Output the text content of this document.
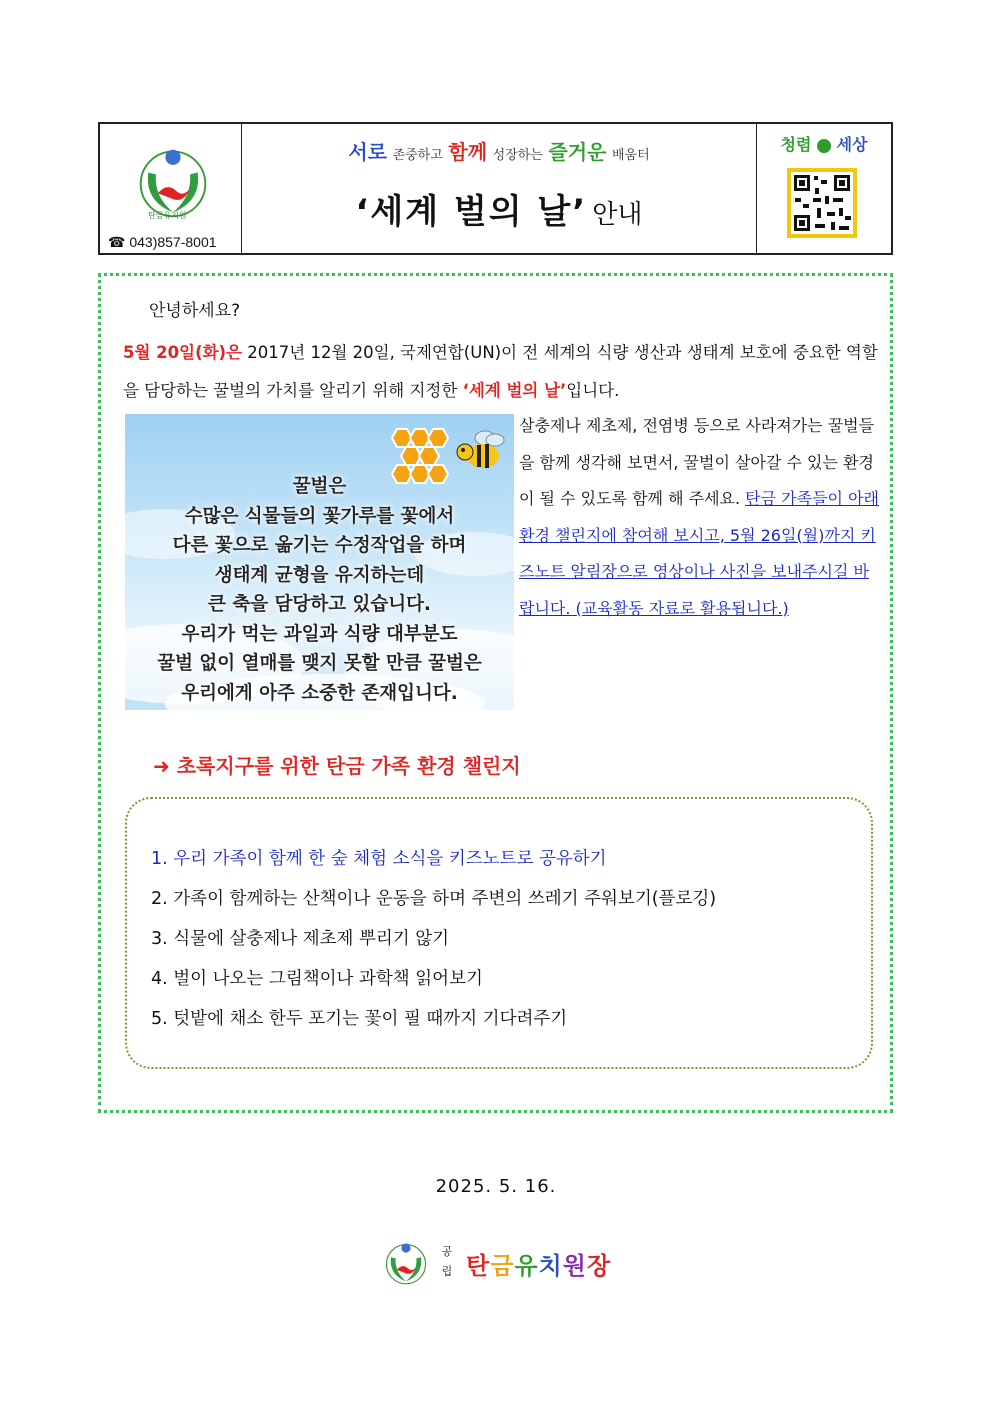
탄금유치원
☎ 043)857-8001
서로 존중하고 함께 성장하는 즐거운 배움터
‘세계 벌의 날’ 안내
청렴 세상
안녕하세요?
5월 20일(화)은 2017년 12월 20일, 국제연합(UN)이 전 세계의 식량 생산과 생태계 보호에 중요한 역할을 담당하는 꿀벌의 가치를 알리기 위해 지정한 ‘세계 벌의 날’입니다.
꿀벌은
수많은 식물들의 꽃가루를 꽃에서
다른 꽃으로 옮기는 수정작업을 하며
생태계 균형을 유지하는데
큰 축을 담당하고 있습니다.
우리가 먹는 과일과 식량 대부분도
꿀벌 없이 열매를 맺지 못할 만큼 꿀벌은
우리에게 아주 소중한 존재입니다.
살충제나 제초제, 전염병 등으로 사라져가는 꿀벌들을 함께 생각해 보면서, 꿀벌이 살아갈 수 있는 환경이 될 수 있도록 함께 해 주세요. 탄금 가족들이 아래 환경 챌린지에 참여해 보시고, 5월 26일(월)까지 키즈노트 알림장으로 영상이나 사진을 보내주시길 바랍니다. (교육활동 자료로 활용됩니다.)
➜ 초록지구를 위한 탄금 가족 환경 챌린지
1. 우리 가족이 함께 한 숲 체험 소식을 키즈노트로 공유하기
2. 가족이 함께하는 산책이나 운동을 하며 주변의 쓰레기 주워보기(플로깅)
3. 식물에 살충제나 제초제 뿌리기 않기
4. 벌이 나오는 그림책이나 과학책 읽어보기
5. 텃밭에 채소 한두 포기는 꽃이 필 때까지 기다려주기
2025. 5. 16.
공
립 탄금유치원장
